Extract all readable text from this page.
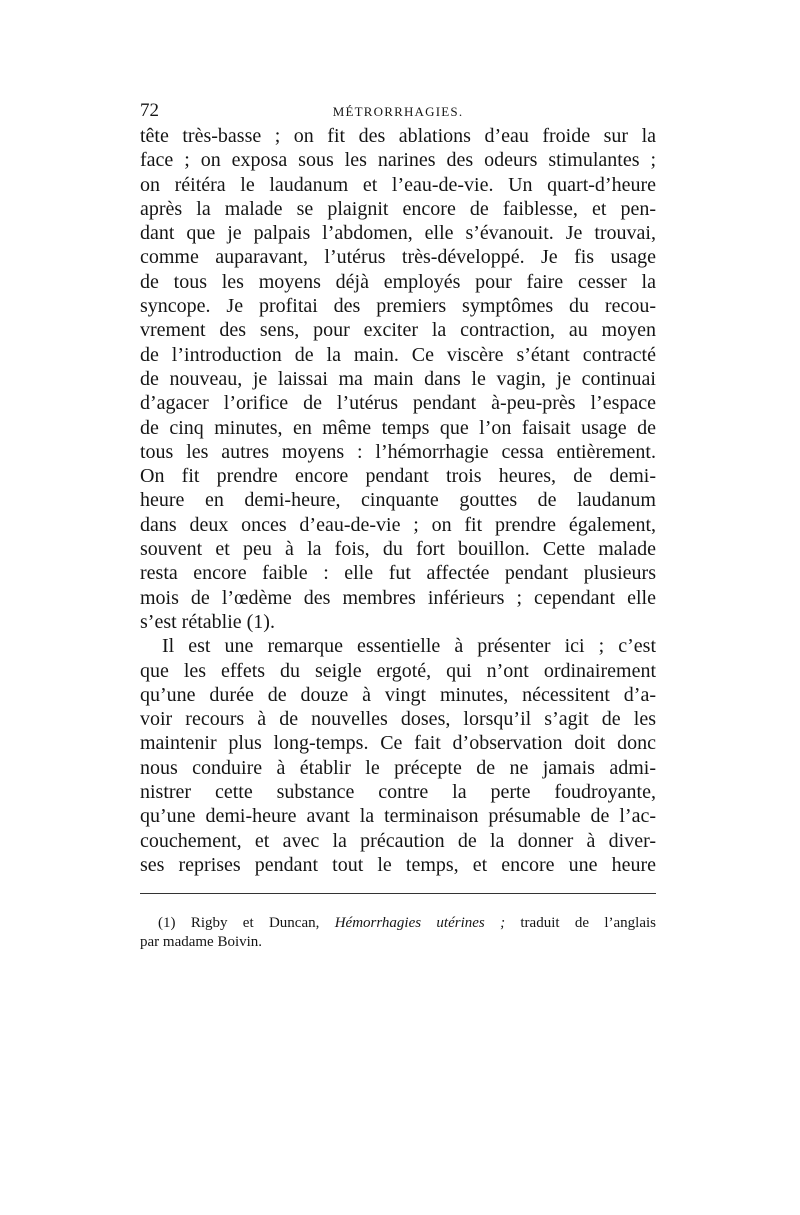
72	MÉTRORRHAGIES.
tête très-basse ; on fit des ablations d’eau froide sur la
face ; on exposa sous les narines des odeurs stimulantes ;
on réitéra le laudanum et l’eau-de-vie. Un quart-d’heure
après la malade se plaignit encore de faiblesse, et pen-
dant que je palpais l’abdomen, elle s’évanouit. Je trouvai,
comme auparavant, l’utérus très-développé. Je fis usage
de tous les moyens déjà employés pour faire cesser la
syncope. Je profitai des premiers symptômes du recou-
vrement des sens, pour exciter la contraction, au moyen
de l’introduction de la main. Ce viscère s’étant contracté
de nouveau, je laissai ma main dans le vagin, je continuai
d’agacer l’orifice de l’utérus pendant à-peu-près l’espace
de cinq minutes, en même temps que l’on faisait usage de
tous les autres moyens : l’hémorrhagie cessa entièrement.
On fit prendre encore pendant trois heures, de demi-
heure en demi-heure, cinquante gouttes de laudanum
dans deux onces d’eau-de-vie ; on fit prendre également,
souvent et peu à la fois, du fort bouillon. Cette malade
resta encore faible : elle fut affectée pendant plusieurs
mois de l’œdème des membres inférieurs ; cependant elle
s’est rétablie (1).
Il est une remarque essentielle à présenter ici ; c’est
que les effets du seigle ergoté, qui n’ont ordinairement
qu’une durée de douze à vingt minutes, nécessitent d’a-
voir recours à de nouvelles doses, lorsqu’il s’agit de les
maintenir plus long-temps. Ce fait d’observation doit donc
nous conduire à établir le précepte de ne jamais admi-
nistrer cette substance contre la perte foudroyante,
qu’une demi-heure avant la terminaison présumable de l’ac-
couchement, et avec la précaution de la donner à diver-
ses reprises pendant tout le temps, et encore une heure
(1) Rigby et Duncan, Hémorrhagies utérines ; traduit de l’anglais
par madame Boivin.
